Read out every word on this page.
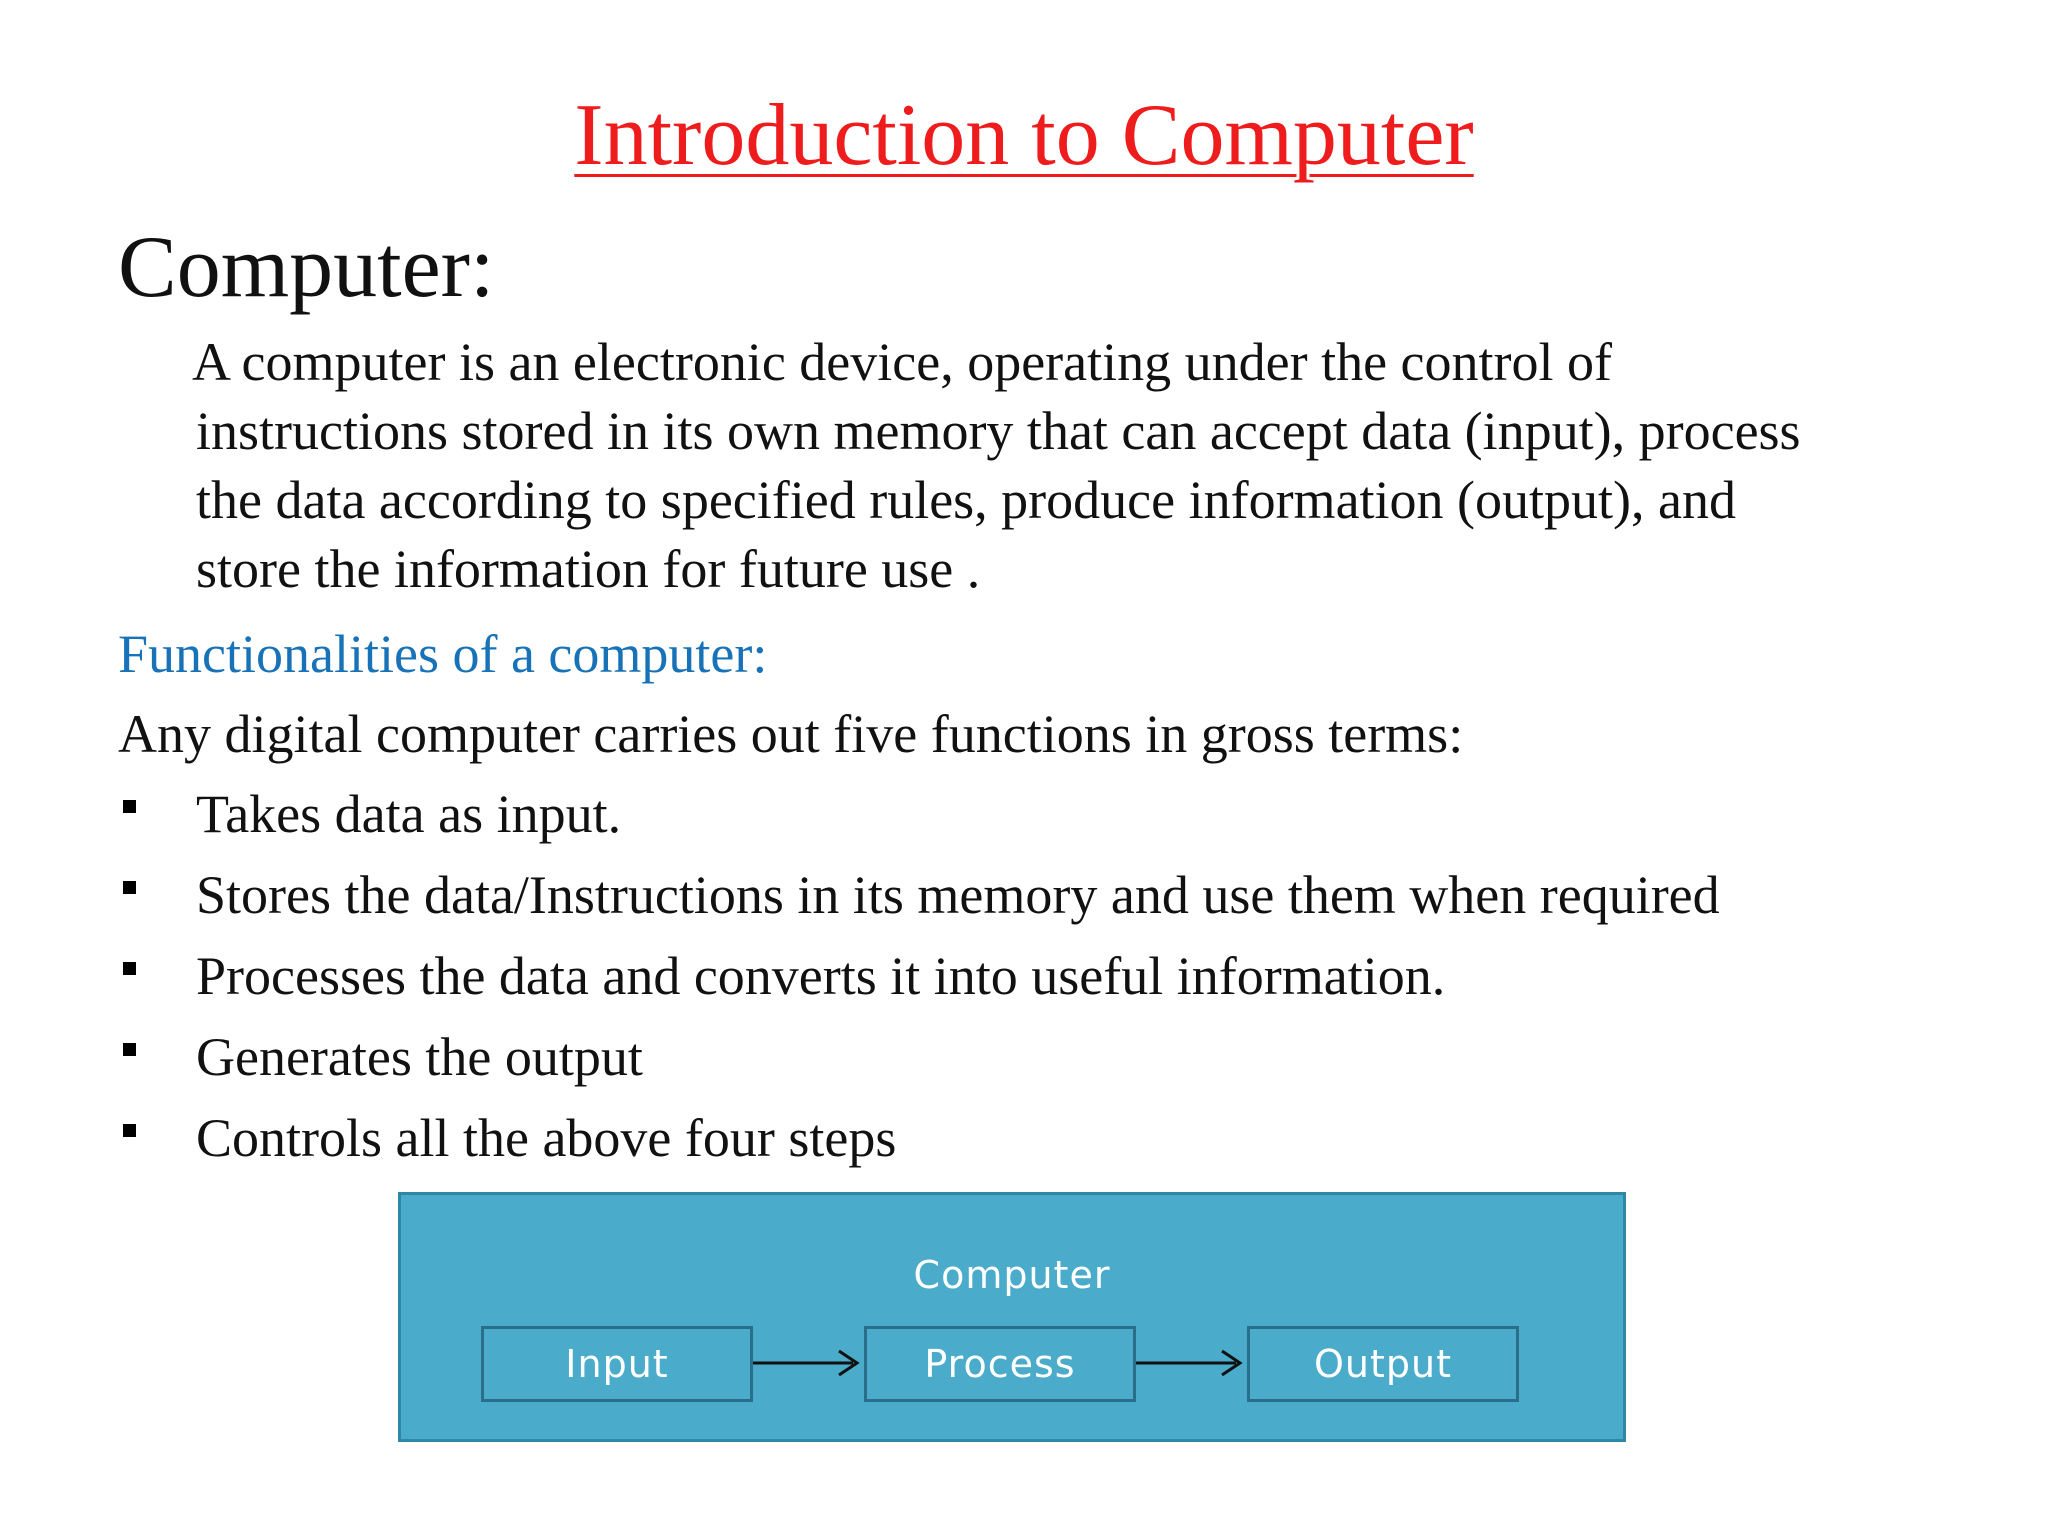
Introduction to Computer
Computer:

A computer is an electronic device, operating under the control of
instructions stored in its own memory that can accept data (input), process
the data according to specified rules, produce information (output), and
store the information for future use .

Functionalities of a computer:

Any digital computer carries out five functions in gross terms:

Takes data as input.
Stores the data/Instructions in its memory and use them when required
Processes the data and converts it into useful information.
Generates the output
Controls all the above four steps
Computer
Input	Process	Output
